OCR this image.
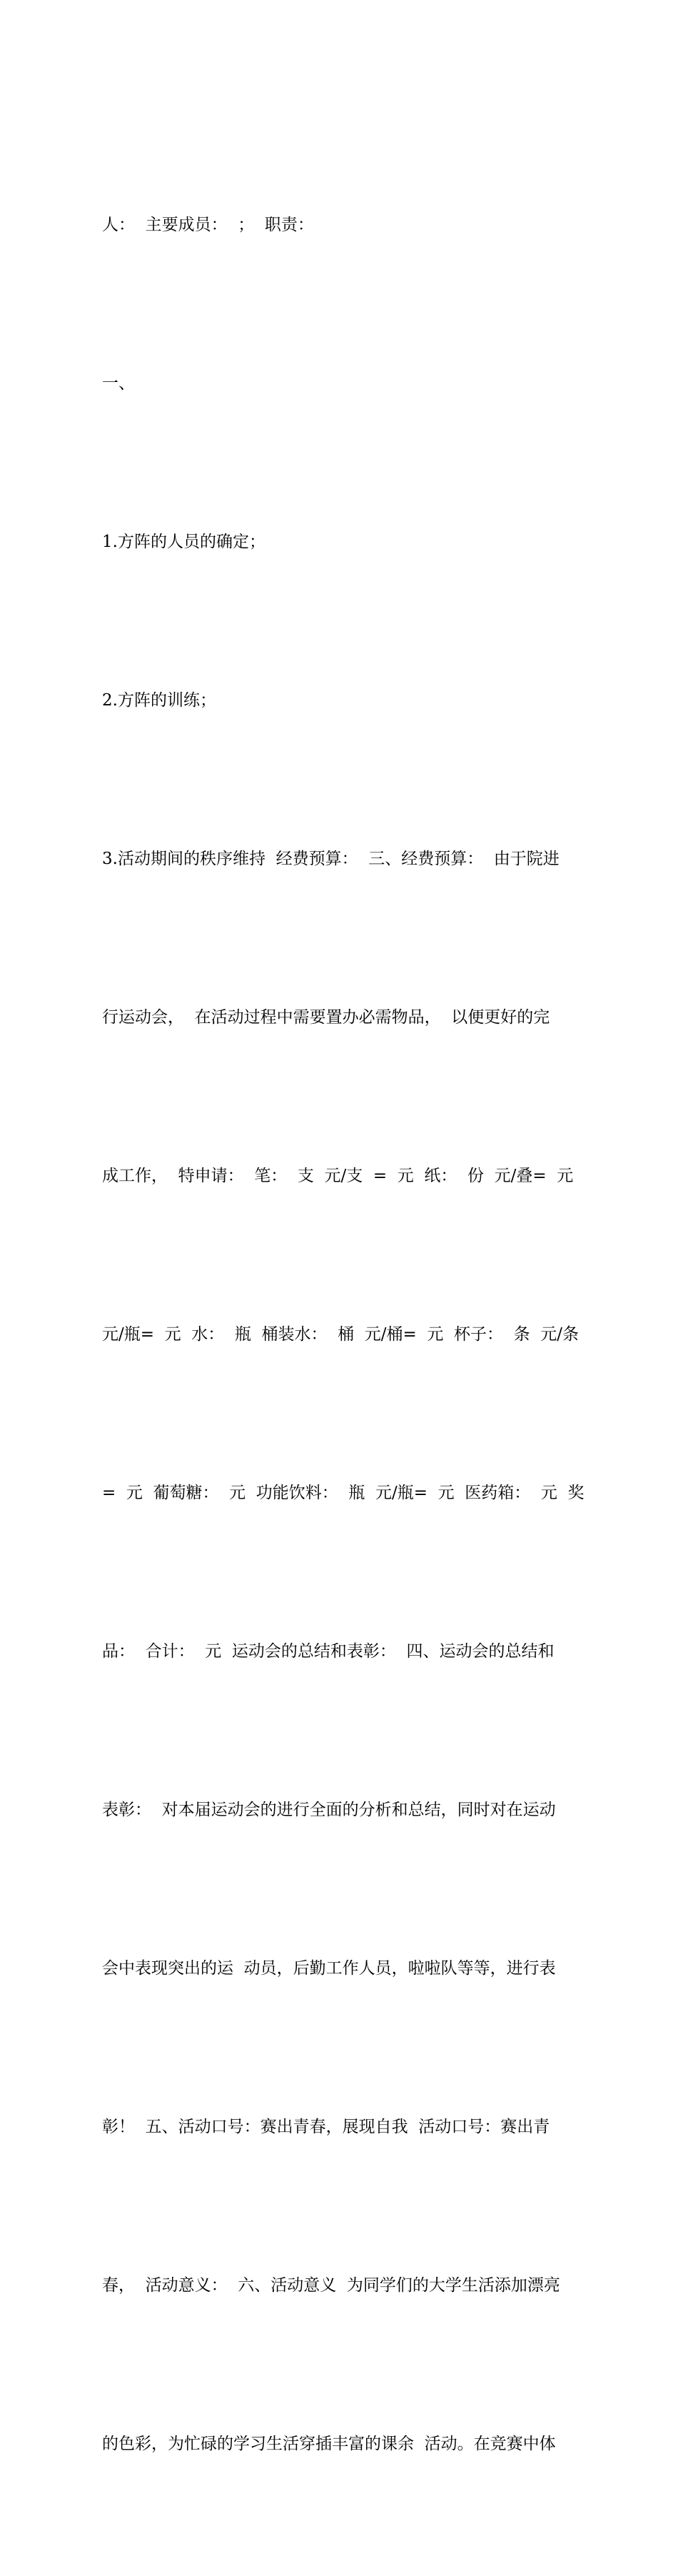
人：  主要成员：  ；  职责：

一、

1.方阵的人员的确定；

2.方阵的训练；

3.活动期间的秩序维持  经费预算：  三、经费预算：  由于院进

行运动会，  在活动过程中需要置办必需物品，  以便更好的完

成工作，  特申请：  笔：  支  元/支  =  元  纸：  份  元/叠=  元

元/瓶=  元  水：  瓶  桶装水：  桶  元/桶=  元  杯子：  条  元/条

=  元  葡萄糖：  元  功能饮料：  瓶  元/瓶=  元  医药箱：  元  奖

品：  合计：  元  运动会的总结和表彰：  四、运动会的总结和

表彰：  对本届运动会的进行全面的分析和总结，同时对在运动

会中表现突出的运  动员，后勤工作人员，啦啦队等等，进行表

彰！  五、活动口号：赛出青春，展现自我  活动口号：赛出青

春，  活动意义：  六、活动意义  为同学们的大学生活添加漂亮

的色彩，为忙碌的学习生活穿插丰富的课余  活动。在竞赛中体
